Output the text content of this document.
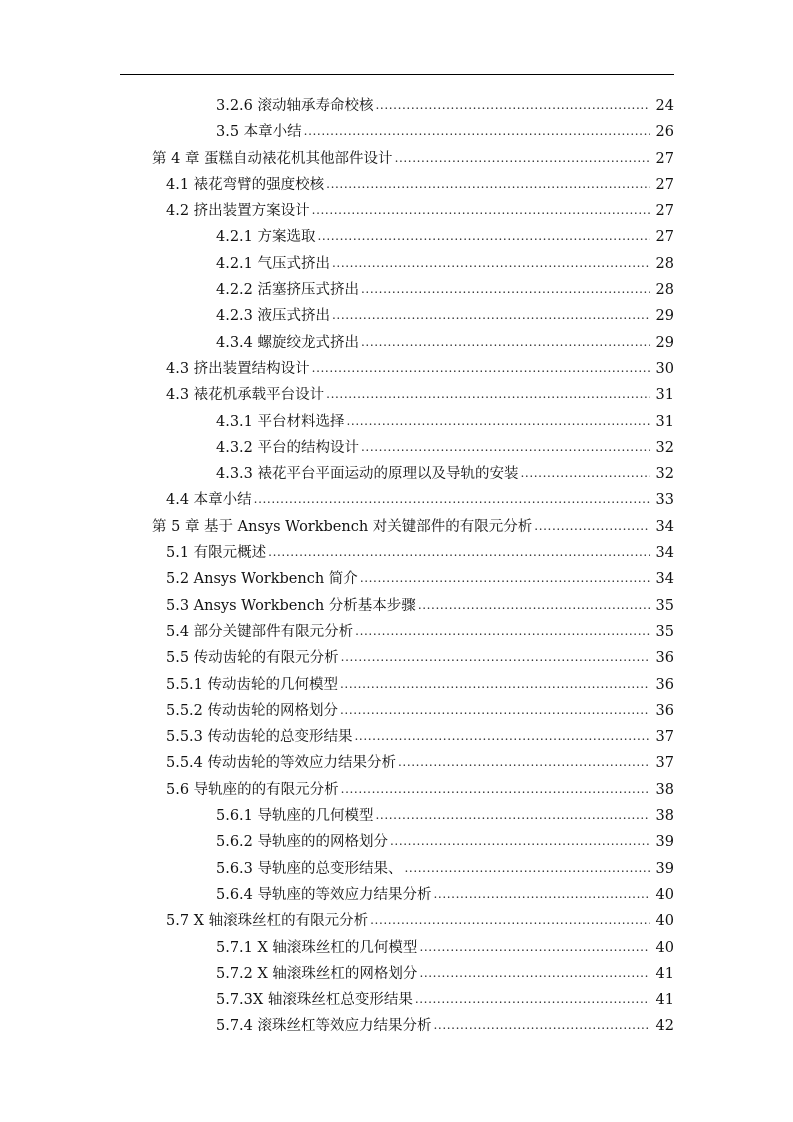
3.2.6 滚动轴承寿命校核 .....	24
3.5 本章小结 .....	26
第 4 章 蛋糕自动裱花机其他部件设计 .....	27
4.1 裱花弯臂的强度校核 .....	27
4.2 挤出装置方案设计 .....	27
4.2.1 方案选取 .....	27
4.2.1 气压式挤出 .....	28
4.2.2 活塞挤压式挤出 .....	28
4.2.3 液压式挤出 .....	29
4.3.4 螺旋绞龙式挤出 .....	29
4.3 挤出装置结构设计 .....	30
4.3 裱花机承载平台设计 .....	31
4.3.1 平台材料选择 .....	31
4.3.2 平台的结构设计 .....	32
4.3.3 裱花平台平面运动的原理以及导轨的安装 .....	32
4.4 本章小结 .....	33
第 5 章 基于 Ansys Workbench 对关键部件的有限元分析 .....	34
5.1 有限元概述 .....	34
5.2 Ansys Workbench 简介 .....	34
5.3 Ansys Workbench 分析基本步骤 .....	35
5.4 部分关键部件有限元分析 .....	35
5.5 传动齿轮的有限元分析 .....	36
5.5.1 传动齿轮的几何模型 .....	36
5.5.2 传动齿轮的网格划分 .....	36
5.5.3 传动齿轮的总变形结果 .....	37
5.5.4 传动齿轮的等效应力结果分析 .....	37
5.6 导轨座的的有限元分析 .....	38
5.6.1 导轨座的几何模型 .....	38
5.6.2 导轨座的的网格划分 .....	39
5.6.3 导轨座的总变形结果、 .....	39
5.6.4 导轨座的等效应力结果分析 .....	40
5.7 X 轴滚珠丝杠的有限元分析 .....	40
5.7.1 X 轴滚珠丝杠的几何模型 .....	40
5.7.2 X 轴滚珠丝杠的网格划分 .....	41
5.7.3X 轴滚珠丝杠总变形结果 .....	41
5.7.4 滚珠丝杠等效应力结果分析 .....	42
